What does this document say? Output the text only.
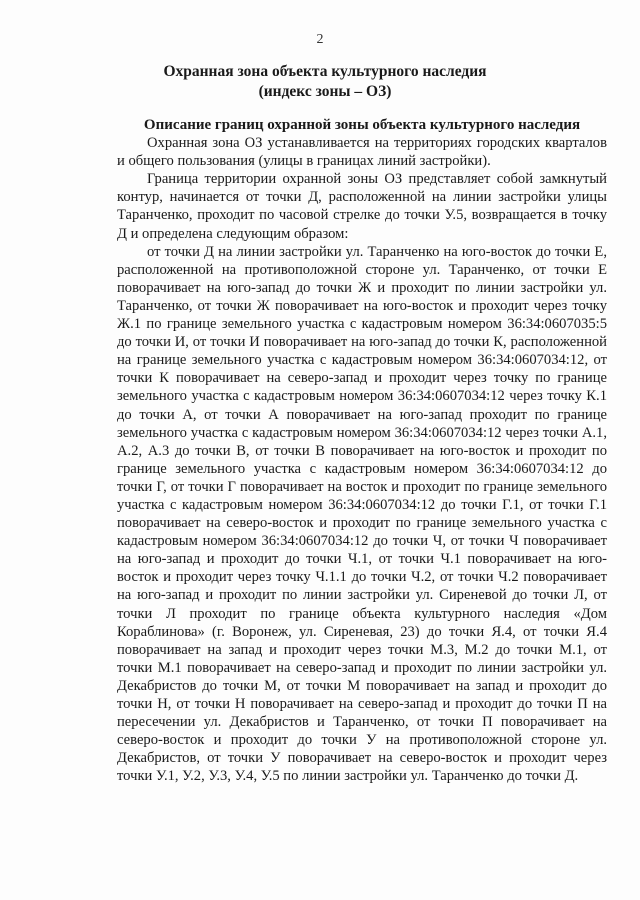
2
Охранная зона объекта культурного наследия
(индекс зоны – ОЗ)

Описание границ охранной зоны объекта культурного наследия

Охранная зона ОЗ устанавливается на территориях городских кварталов и общего пользования (улицы в границах линий застройки).

Граница территории охранной зоны ОЗ представляет собой замкнутый контур, начинается от точки Д, расположенной на линии застройки улицы Таранченко, проходит по часовой стрелке до точки У.5, возвращается в точку Д и определена следующим образом:

от точки Д на линии застройки ул. Таранченко на юго-восток до точки Е, расположенной на противоположной стороне ул. Таранченко, от точки Е поворачивает на юго-запад до точки Ж и проходит по линии застройки ул. Таранченко, от точки Ж поворачивает на юго-восток и проходит через точку Ж.1 по границе земельного участка с кадастровым номером 36:34:0607035:5 до точки И, от точки И поворачивает на юго-запад до точки К, расположенной на границе земельного участка с кадастровым номером 36:34:0607034:12, от точки К поворачивает на северо-запад и проходит через точку по границе земельного участка с кадастровым номером 36:34:0607034:12 через точку К.1 до точки А, от точки А поворачивает на юго-запад проходит по границе земельного участка с кадастровым номером 36:34:0607034:12 через точки А.1, А.2, А.3 до точки В, от точки В поворачивает на юго-восток и проходит по границе земельного участка с кадастровым номером 36:34:0607034:12 до точки Г, от точки Г поворачивает на восток и проходит по границе земельного участка с кадастровым номером 36:34:0607034:12 до точки Г.1, от точки Г.1 поворачивает на северо-восток и проходит по границе земельного участка с кадастровым номером 36:34:0607034:12 до точки Ч, от точки Ч поворачивает на юго-запад и проходит до точки Ч.1, от точки Ч.1 поворачивает на юго-восток и проходит через точку Ч.1.1 до точки Ч.2, от точки Ч.2 поворачивает на юго-запад и проходит по линии застройки ул. Сиреневой до точки Л, от точки Л проходит по границе объекта культурного наследия «Дом Кораблинова» (г. Воронеж, ул. Сиреневая, 23) до точки Я.4, от точки Я.4 поворачивает на запад и проходит через точки М.3, М.2 до точки М.1, от точки М.1 поворачивает на северо-запад и проходит по линии застройки ул. Декабристов до точки М, от точки М поворачивает на запад и проходит до точки Н, от точки Н поворачивает на северо-запад и проходит до точки П на пересечении ул. Декабристов и Таранченко, от точки П поворачивает на северо-восток и проходит до точки У на противоположной стороне ул. Декабристов, от точки У поворачивает на северо-восток и проходит через точки У.1, У.2, У.3, У.4, У.5 по линии застройки ул. Таранченко до точки Д.
